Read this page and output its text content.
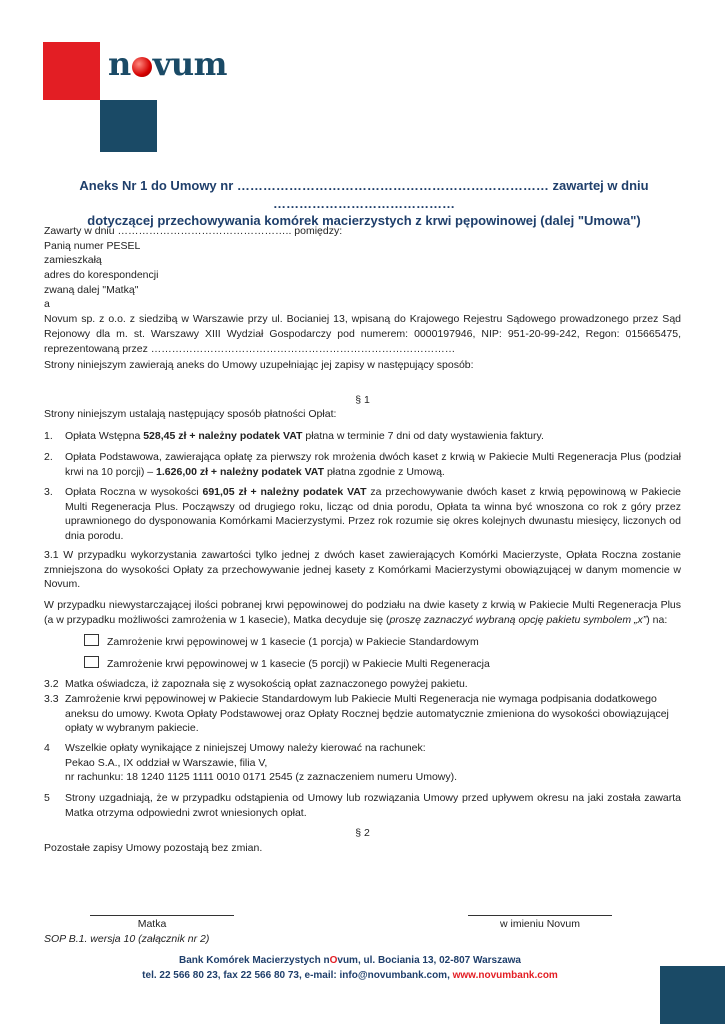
n vum
Aneks Nr 1 do Umowy nr ……………………………………………………………… zawartej w dniu ……………………………………
dotyczącej przechowywania komórek macierzystych z krwi pępowinowej (dalej "Umowa")
Zawarty w dniu ………………………………………….. pomiędzy:
Panią numer PESEL
zamieszkałą
adres do korespondencji
zwaną dalej "Matką"
a
Novum sp. z o.o. z siedzibą w Warszawie przy ul. Bocianiej 13, wpisaną do Krajowego Rejestru Sądowego prowadzonego przez Sąd Rejonowy dla m. st. Warszawy XIII Wydział Gospodarczy pod numerem: 0000197946, NIP: 951-20-99-242, Regon: 015665475, reprezentowaną przez ……………………………………………………………………………
Strony niniejszym zawierają aneks do Umowy uzupełniając jej zapisy w następujący sposób:
§ 1
Strony niniejszym ustalają następujący sposób płatności Opłat:
1. Opłata Wstępna 528,45 zł + należny podatek VAT płatna w terminie 7 dni od daty wystawienia faktury.
2. Opłata Podstawowa, zawierająca opłatę za pierwszy rok mrożenia dwóch kaset z krwią w Pakiecie Multi Regeneracja Plus (podział krwi na 10 porcji) – 1.626,00 zł + należny podatek VAT płatna zgodnie z Umową.
3. Opłata Roczna w wysokości 691,05 zł + należny podatek VAT za przechowywanie dwóch kaset z krwią pępowinową w Pakiecie Multi Regeneracja Plus. Począwszy od drugiego roku, licząc od dnia porodu, Opłata ta winna być wnoszona co rok z góry przez uprawnionego do dysponowania Komórkami Macierzystymi. Przez rok rozumie się okres kolejnych dwunastu miesięcy, liczonych od dnia porodu.
3.1 W przypadku wykorzystania zawartości tylko jednej z dwóch kaset zawierających Komórki Macierzyste, Opłata Roczna zostanie zmniejszona do wysokości Opłaty za przechowywanie jednej kasety z Komórkami Macierzystymi obowiązującej w danym momencie w Novum.
W przypadku niewystarczającej ilości pobranej krwi pępowinowej do podziału na dwie kasety z krwią w Pakiecie Multi Regeneracja Plus (a w przypadku możliwości zamrożenia w 1 kasecie), Matka decyduje się (proszę zaznaczyć wybraną opcję pakietu symbolem „x”) na:
Zamrożenie krwi pępowinowej w 1 kasecie (1 porcja) w Pakiecie Standardowym
Zamrożenie krwi pępowinowej w 1 kasecie (5 porcji) w Pakiecie Multi Regeneracja
3.2 Matka oświadcza, iż zapoznała się z wysokością opłat zaznaczonego powyżej pakietu.
3.3 Zamrożenie krwi pępowinowej w Pakiecie Standardowym lub Pakiecie Multi Regeneracja nie wymaga podpisania dodatkowego aneksu do umowy. Kwota Opłaty Podstawowej oraz Opłaty Rocznej będzie automatycznie zmieniona do wysokości obowiązującej opłaty w wybranym pakiecie.
4 Wszelkie opłaty wynikające z niniejszej Umowy należy kierować na rachunek:
Pekao S.A., IX oddział w Warszawie, filia V,
nr rachunku: 18 1240 1125 1111 0010 0171 2545 (z zaznaczeniem numeru Umowy).
5 Strony uzgadniają, że w przypadku odstąpienia od Umowy lub rozwiązania Umowy przed upływem okresu na jaki została zawarta Matka otrzyma odpowiedni zwrot wniesionych opłat.
§ 2
Pozostałe zapisy Umowy pozostają bez zmian.
Matka	w imieniu Novum
SOP B.1. wersja 10 (załącznik nr 2)
Bank Komórek Macierzystych nOvum, ul. Bociania 13, 02-807 Warszawa
tel. 22 566 80 23, fax 22 566 80 73, e-mail: info@novumbank.com, www.novumbank.com
